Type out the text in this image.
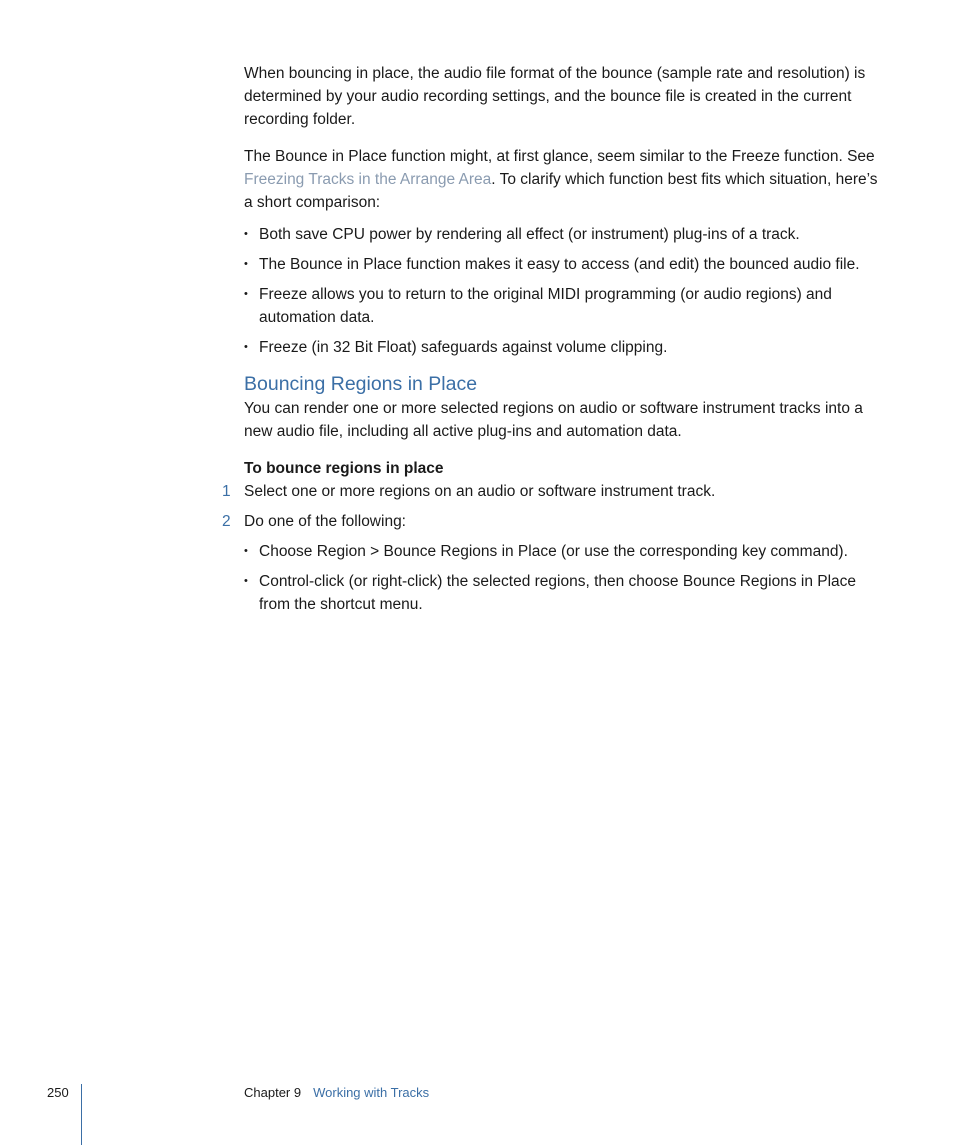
When bouncing in place, the audio file format of the bounce (sample rate and resolution) is determined by your audio recording settings, and the bounce file is created in the current recording folder.

The Bounce in Place function might, at first glance, seem similar to the Freeze function. See Freezing Tracks in the Arrange Area. To clarify which function best fits which situation, here’s a short comparison:

• Both save CPU power by rendering all effect (or instrument) plug-ins of a track.
• The Bounce in Place function makes it easy to access (and edit) the bounced audio file.
• Freeze allows you to return to the original MIDI programming (or audio regions) and automation data.
• Freeze (in 32 Bit Float) safeguards against volume clipping.
Bouncing Regions in Place

You can render one or more selected regions on audio or software instrument tracks into a new audio file, including all active plug-ins and automation data.

To bounce regions in place
1 Select one or more regions on an audio or software instrument track.
2 Do one of the following:
• Choose Region > Bounce Regions in Place (or use the corresponding key command).
• Control-click (or right-click) the selected regions, then choose Bounce Regions in Place from the shortcut menu.
250	Chapter 9 Working with Tracks
